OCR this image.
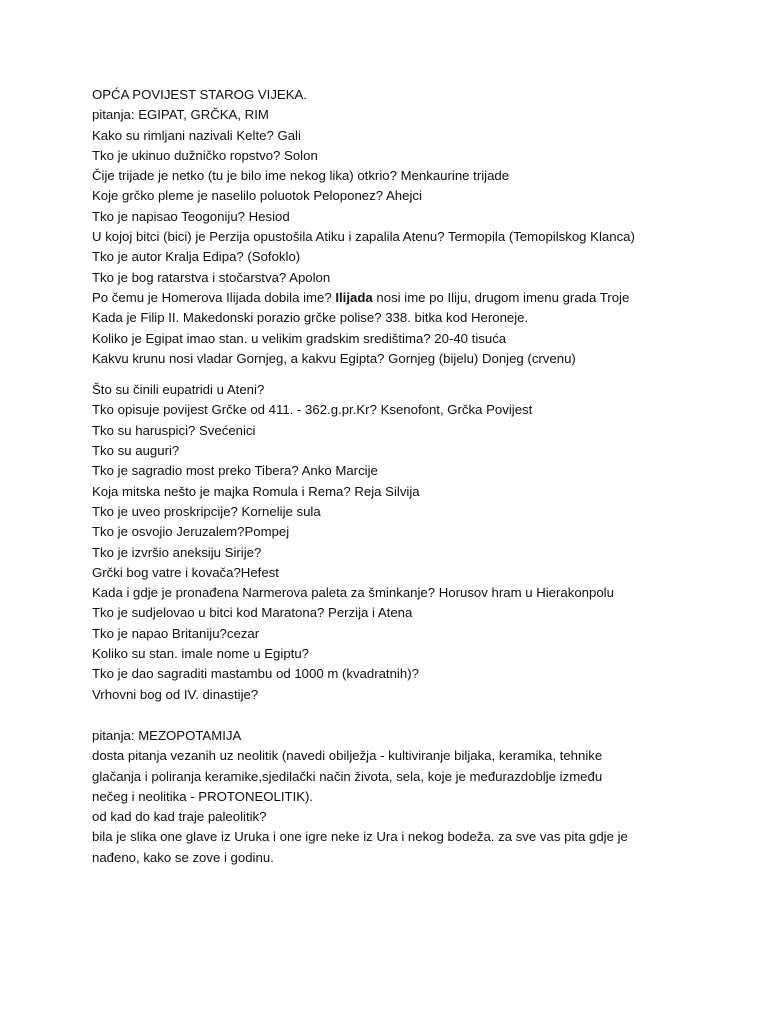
OPĆA POVIJEST STAROG VIJEKA.
pitanja: EGIPAT, GRČKA, RIM
Kako su rimljani nazivali Kelte? Gali
Tko je ukinuo dužničko ropstvo? Solon
Čije trijade je netko (tu je bilo ime nekog lika) otkrio? Menkaurine trijade
Koje grčko pleme je naselilo poluotok Peloponez? Ahejci
Tko je napisao Teogoniju? Hesiod
U kojoj bitci (bici) je Perzija opustošila Atiku i zapalila Atenu? Termopila (Temopilskog Klanca)
Tko je autor Kralja Edipa? (Sofoklo)
Tko je bog ratarstva i stočarstva? Apolon
Po čemu je Homerova Ilijada dobila ime? Ilijada nosi ime po Iliju, drugom imenu grada Troje
Kada je Filip II. Makedonski porazio grčke polise? 338. bitka kod Heroneje.
Koliko je Egipat imao stan. u velikim gradskim središtima? 20-40 tisuća
Kakvu krunu nosi vladar Gornjeg, a kakvu Egipta? Gornjeg (bijelu) Donjeg (crvenu)
Što su činili eupatridi u Ateni?
Tko opisuje povijest Grčke od 411. - 362.g.pr.Kr? Ksenofont, Grčka Povijest
Tko su haruspici? Svećenici
Tko su auguri?
Tko je sagradio most preko Tibera? Anko Marcije
Koja mitska nešto je majka Romula i Rema? Reja Silvija
Tko je uveo proskripcije? Kornelije sula
Tko je osvojio Jeruzalem?Pompej
Tko je izvršio aneksiju Sirije?
Grčki bog vatre i kovača?Hefest
Kada i gdje je pronađena Narmerova paleta za šminkanje? Horusov hram u Hierakonpolu
Tko je sudjelovao u bitci kod Maratona? Perzija i Atena
Tko je napao Britaniju?cezar
Koliko su stan. imale nome u Egiptu?
Tko je dao sagraditi mastambu od 1000 m (kvadratnih)?
Vrhovni bog od IV. dinastije?
pitanja: MEZOPOTAMIJA
dosta pitanja vezanih uz neolitik (navedi obilježja - kultiviranje biljaka, keramika, tehnike
glačanja i poliranja keramike,sjedilački način života, sela, koje je međurazdoblje između
nečeg i neolitika - PROTONEOLITIK).
od kad do kad traje paleolitik?
bila je slika one glave iz Uruka i one igre neke iz Ura i nekog bodeža. za sve vas pita gdje je
nađeno, kako se zove i godinu.
